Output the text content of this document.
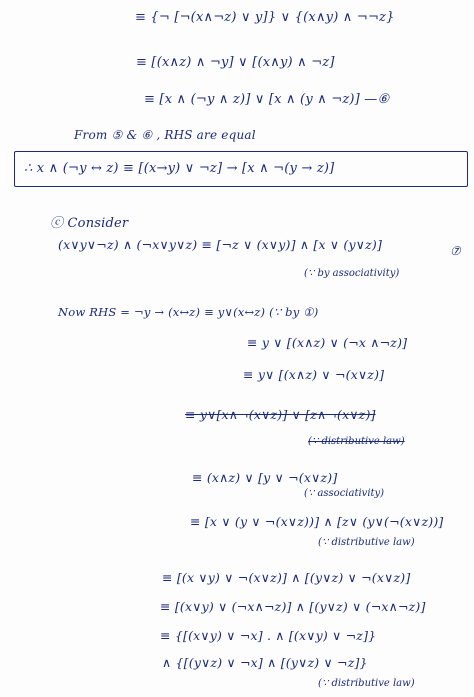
≡ {¬ [¬(x∧¬z) ∨ y]} ∨ {(x∧y) ∧ ¬¬z}
≡ [(x∧z) ∧ ¬y] ∨ [(x∧y) ∧ ¬z]
≡ [x ∧ (¬y ∧ z)] ∨ [x ∧ (y ∧ ¬z)] —⑥
From ⑤ & ⑥ , RHS are equal
∴ x ∧ (¬y ↔ z) ≡ [(x→y) ∨ ¬z] → [x ∧ ¬(y → z)]
ⓒ Consider
(x∨y∨¬z) ∧ (¬x∨y∨z) ≡ [¬z ∨ (x∨y)] ∧ [x ∨ (y∨z)]	⑦
(∵ by associativity)
Now RHS = ¬y → (x↔z) ≡ y∨(x↔z) (∵ by ①)
≡ y ∨ [(x∧z) ∨ (¬x ∧¬z)]
≡ y∨ [(x∧z) ∨ ¬(x∨z)]
≡ y∨[x∧¬(x∨z)] ∨ [z∧¬(x∨z)]
(∵ distributive law)
≡ (x∧z) ∨ [y ∨ ¬(x∨z)]
(∵ associativity)
≡ [x ∨ (y ∨ ¬(x∨z))] ∧ [z∨ (y∨(¬(x∨z))]
(∵ distributive law)
≡ [(x ∨y) ∨ ¬(x∨z)] ∧ [(y∨z) ∨ ¬(x∨z)]
≡ [(x∨y) ∨ (¬x∧¬z)] ∧ [(y∨z) ∨ (¬x∧¬z)]
≡ {[(x∨y) ∨ ¬x] . ∧ [(x∨y) ∨ ¬z]}
∧ {[(y∨z) ∨ ¬x] ∧ [(y∨z) ∨ ¬z]}
(∵ distributive law)
